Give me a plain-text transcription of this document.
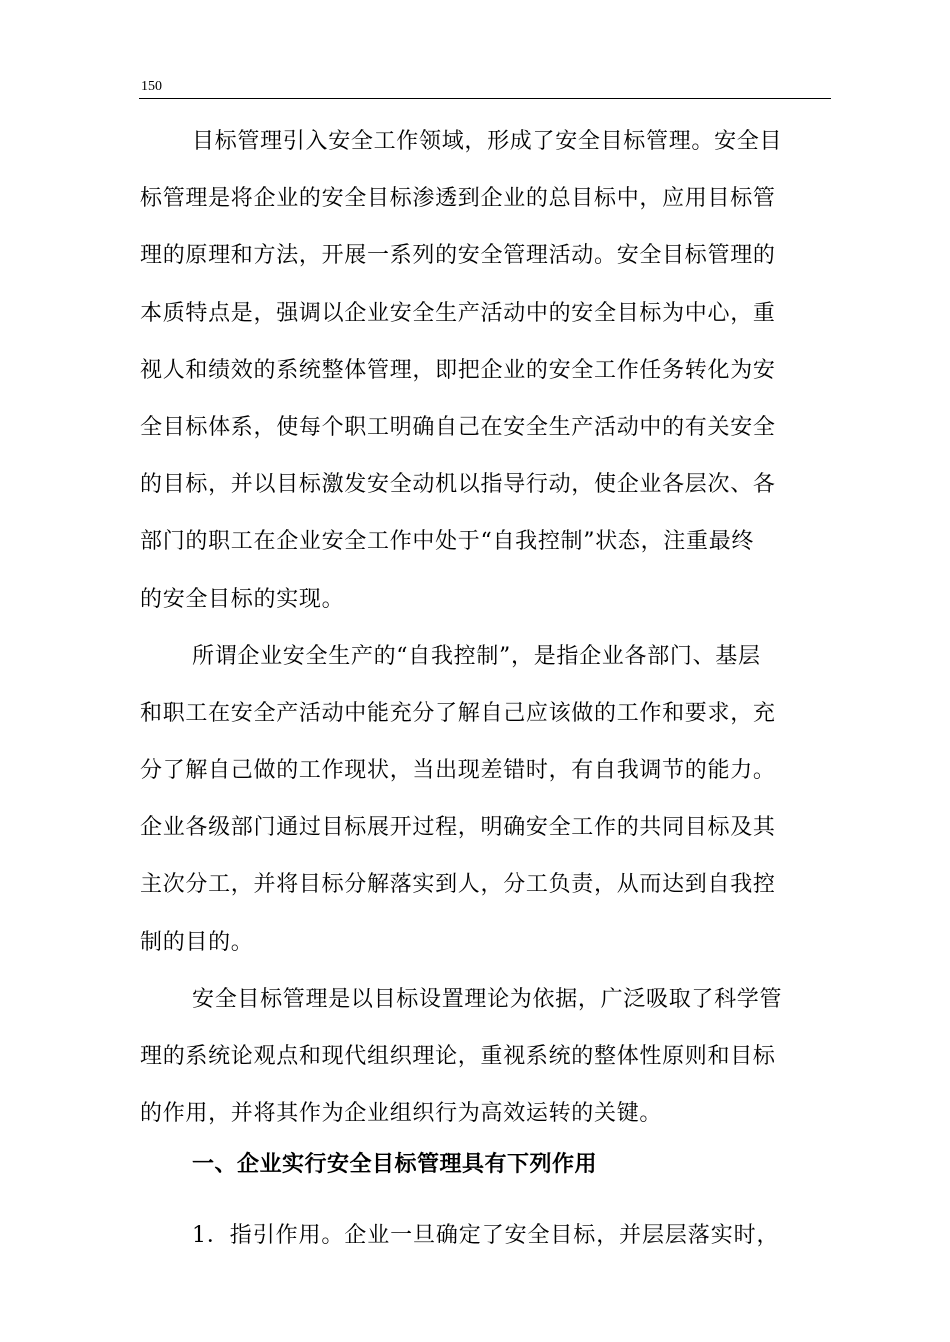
150
目标管理引入安全工作领域，形成了安全目标管理。安全目
标管理是将企业的安全目标渗透到企业的总目标中，应用目标管
理的原理和方法，开展一系列的安全管理活动。安全目标管理的
本质特点是，强调以企业安全生产活动中的安全目标为中心，重
视人和绩效的系统整体管理，即把企业的安全工作任务转化为安
全目标体系，使每个职工明确自己在安全生产活动中的有关安全
的目标，并以目标激发安全动机以指导行动，使企业各层次、各
部门的职工在企业安全工作中处于“自我控制”状态，注重最终
的安全目标的实现。
所谓企业安全生产的“自我控制”，是指企业各部门、基层
和职工在安全产活动中能充分了解自己应该做的工作和要求，充
分了解自己做的工作现状，当出现差错时，有自我调节的能力。
企业各级部门通过目标展开过程，明确安全工作的共同目标及其
主次分工，并将目标分解落实到人，分工负责，从而达到自我控
制的目的。
安全目标管理是以目标设置理论为依据，广泛吸取了科学管
理的系统论观点和现代组织理论，重视系统的整体性原则和目标
的作用，并将其作为企业组织行为高效运转的关键。
一、企业实行安全目标管理具有下列作用
1．指引作用。企业一旦确定了安全目标，并层层落实时，
